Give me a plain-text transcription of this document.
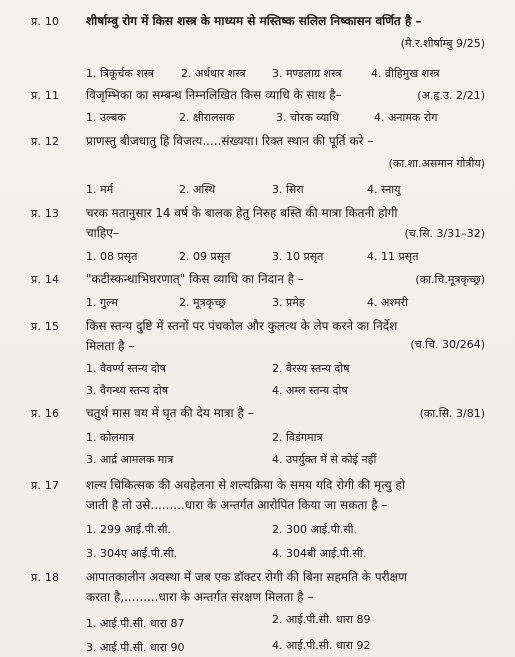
प्र. 10 शीर्षाम्बु रोग में किस शस्त्र के माध्यम से मस्तिष्क सलिल निष्कासन वर्णित है –
(मै.र.शीर्षाम्बु 9/25)
1. त्रिकूर्चक शस्त्र 2. अर्धधार शस्त्र 3. मण्डलाग्र शस्त्र	4. व्रीहिमुख शस्त्र
प्र. 11 विजृम्भिका का सम्बन्ध निम्नलिखित किस व्याधि के साथ है–	(अ.हृ.उ. 2/21)
1. उल्बक	2. क्षीरालसक	3. चोरक व्याधि	4. अनामक रोग
प्र. 12 प्राणस्तु बीजधातु हि विजत्य.....संख्यया। रिक्त स्थान की पूर्ति करे –
(का.शा.असमान गोत्रीय)
1. मर्म	2. अस्थि	3. सिरा	4. स्नायु
प्र. 13 चरक मतानुसार 14 वर्ष के बालक हेतु निरुह बस्ति की मात्रा कितनी होगी
चाहिए–	(च.सि. 3/31–32)
1. 08 प्रसृत	2. 09 प्रसृत	3. 10 प्रसृत	4. 11 प्रसृत
प्र. 14 "कटीस्कन्धाभिघरणात्" किस व्याधि का निदान है –	(का.चि.मूत्रकृच्छ्र)
1. गुल्म	2. मूत्रकृच्छ्र	3. प्रमेह	4. अश्मरी
प्र. 15 किस स्तन्य दुष्टि में स्तनों पर पंचकोल और कुलत्थ के लेप करने का निर्देश
मिलता है –	(च.चि. 30/264)
1. वैवर्ण्य स्तन्य दोष	2. वैरस्य स्तन्य दोष
3. वैगन्ध्य स्तन्य दोष	4. अम्ल स्तन्य दोष
प्र. 16 चतुर्थ मास वय में घृत की देय मात्रा है –	(का.सि. 3/81)
1. कोलमात्र	2. विडंगमात्र
3. आर्द्र आमलक मात्र	4. उपर्युक्त में से कोई नहीं
प्र. 17 शल्य चिकित्सक की अवहेलना से शल्यक्रिया के समय यदि रोगी की मृत्यु हो
जाती है तो उसे.........धारा के अन्तर्गत आरोपित किया जा सकता है –
1. 299 आई.पी.सी.	2. 300 आई.पी.सी.
3. 304ए आई.पी.सी.	4. 304बी आई.पी.सी.
प्र. 18 आपातकालीन अवस्था में जब एक डॉक्टर रोगी की बिना सहमति के परीक्षण
करता है,.........धारा के अन्तर्गत संरक्षण मिलता है –
1. आई.पी.सी. धारा 87	2. आई.पी.सी. धारा 89
3. आई.पी.सी. धारा 90	4. आई.पी.सी. धारा 92
